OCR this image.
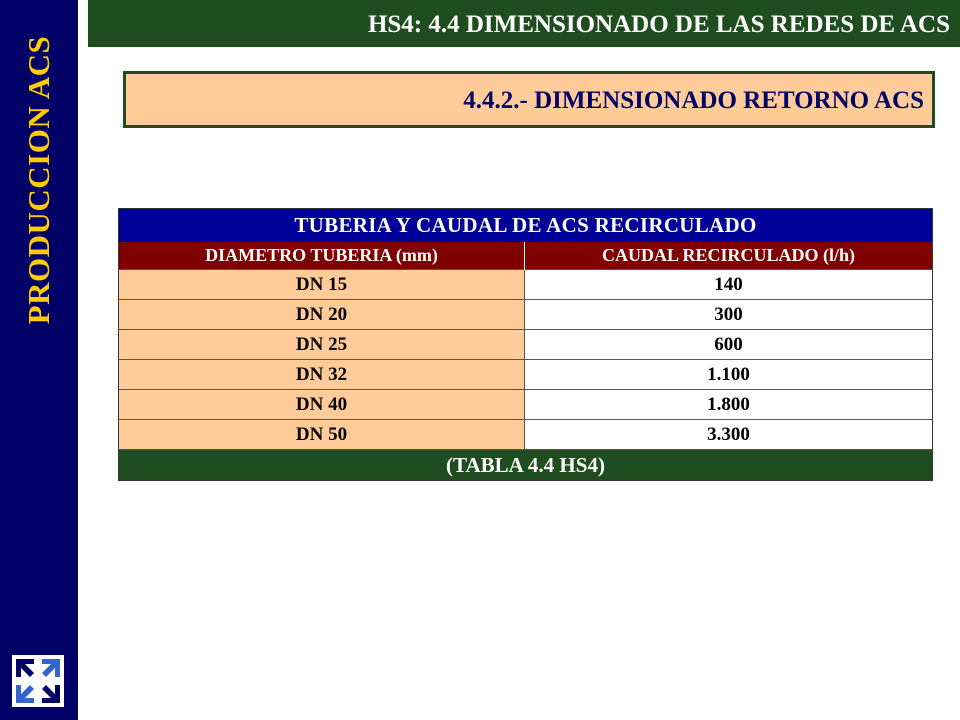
PRODUCCION ACS
HS4: 4.4 DIMENSIONADO DE LAS REDES DE ACS
4.4.2.- DIMENSIONADO RETORNO ACS
TUBERIA Y CAUDAL DE ACS RECIRCULADO	
DIAMETRO TUBERIA (mm)	CAUDAL RECIRCULADO (l/h)
DN 15	140
DN 20	300
DN 25	600
DN 32	1.100
DN 40	1.800
DN 50	3.300
(TABLA 4.4 HS4)	
